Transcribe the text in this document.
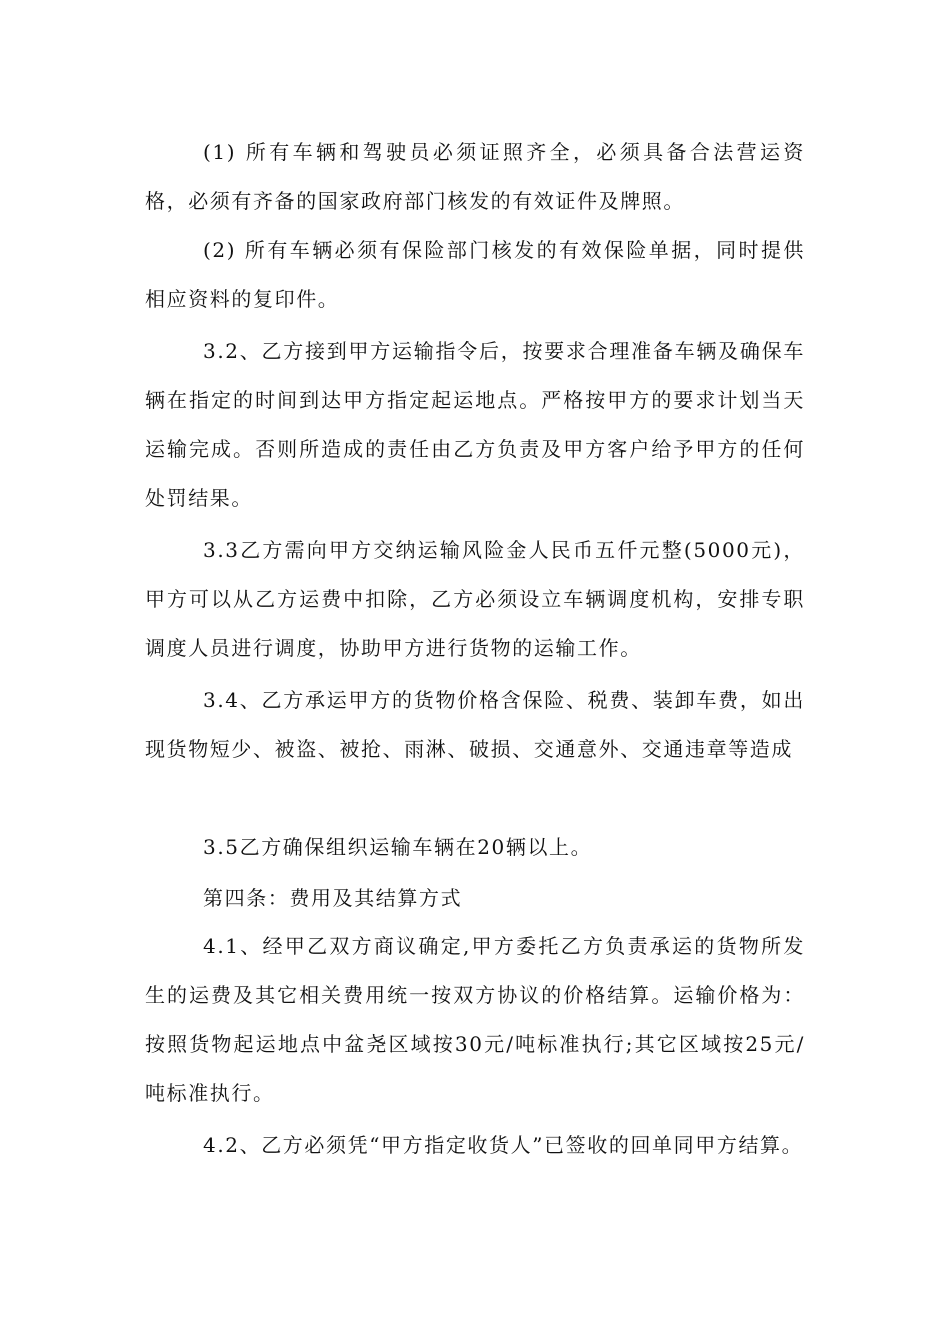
(1) 所有车辆和驾驶员必须证照齐全，必须具备合法营运资格，必须有齐备的国家政府部门核发的有效证件及牌照。

(2) 所有车辆必须有保险部门核发的有效保险单据，同时提供相应资料的复印件。

3.2、乙方接到甲方运输指令后，按要求合理准备车辆及确保车辆在指定的时间到达甲方指定起运地点。严格按甲方的要求计划当天运输完成。否则所造成的责任由乙方负责及甲方客户给予甲方的任何处罚结果。

3.3乙方需向甲方交纳运输风险金人民币五仟元整(5000元)，甲方可以从乙方运费中扣除，乙方必须设立车辆调度机构，安排专职调度人员进行调度，协助甲方进行货物的运输工作。

3.4、乙方承运甲方的货物价格含保险、税费、装卸车费，如出现货物短少、被盗、被抢、雨淋、破损、交通意外、交通违章等造成

3.5乙方确保组织运输车辆在20辆以上。

第四条：费用及其结算方式

4.1、经甲乙双方商议确定,甲方委托乙方负责承运的货物所发生的运费及其它相关费用统一按双方协议的价格结算。运输价格为：按照货物起运地点中盆尧区域按30元/吨标准执行;其它区域按25元/吨标准执行。

4.2、乙方必须凭“甲方指定收货人”已签收的回单同甲方结算。
